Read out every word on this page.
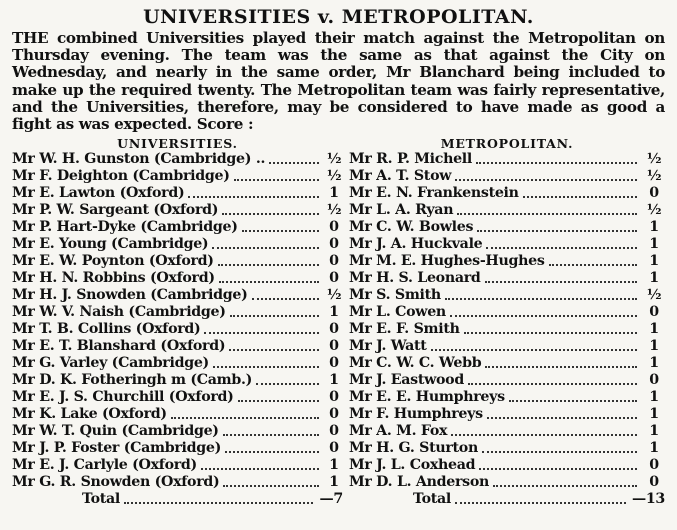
UNIVERSITIES v. METROPOLITAN.

THE combined Universities played their match against the Metropolitan on Thursday evening. The team was the same as that against the City on Wednesday, and nearly in the same order, Mr Blanchard being included to make up the required twenty. The Metropolitan team was fairly representative, and the Universities, therefore, may be considered to have made as good a fight as was expected. Score :

UNIVERSITIES.
Mr W. H. Gunston (Cambridge) ..	½
Mr F. Deighton (Cambridge)	½
Mr E. Lawton (Oxford)	1
Mr P. W. Sargeant (Oxford)	½
Mr P. Hart-Dyke (Cambridge)	0
Mr E. Young (Cambridge)	0
Mr E. W. Poynton (Oxford)	0
Mr H. N. Robbins (Oxford)	0
Mr H. J. Snowden (Cambridge)	½
Mr W. V. Naish (Cambridge)	1
Mr T. B. Collins (Oxford)	0
Mr E. T. Blanshard (Oxford)	0
Mr G. Varley (Cambridge)	0
Mr D. K. Fotheringh m (Camb.)	1
Mr E. J. S. Churchill (Oxford)	0
Mr K. Lake (Oxford)	0
Mr W. T. Quin (Cambridge)	0
Mr J. P. Foster (Cambridge)	0
Mr E. J. Carlyle (Oxford)	1
Mr G. R. Snowden (Oxford)	1
Total	—7
METROPOLITAN.
Mr R. P. Michell	½
Mr A. T. Stow	½
Mr E. N. Frankenstein	0
Mr L. A. Ryan	½
Mr C. W. Bowles	1
Mr J. A. Huckvale	1
Mr M. E. Hughes-Hughes	1
Mr H. S. Leonard	1
Mr S. Smith	½
Mr L. Cowen	0
Mr E. F. Smith	1
Mr J. Watt	1
Mr C. W. C. Webb	1
Mr J. Eastwood	0
Mr E. E. Humphreys	1
Mr F. Humphreys	1
Mr A. M. Fox	1
Mr H. G. Sturton	1
Mr J. L. Coxhead	0
Mr D. L. Anderson	0
Total	—13
